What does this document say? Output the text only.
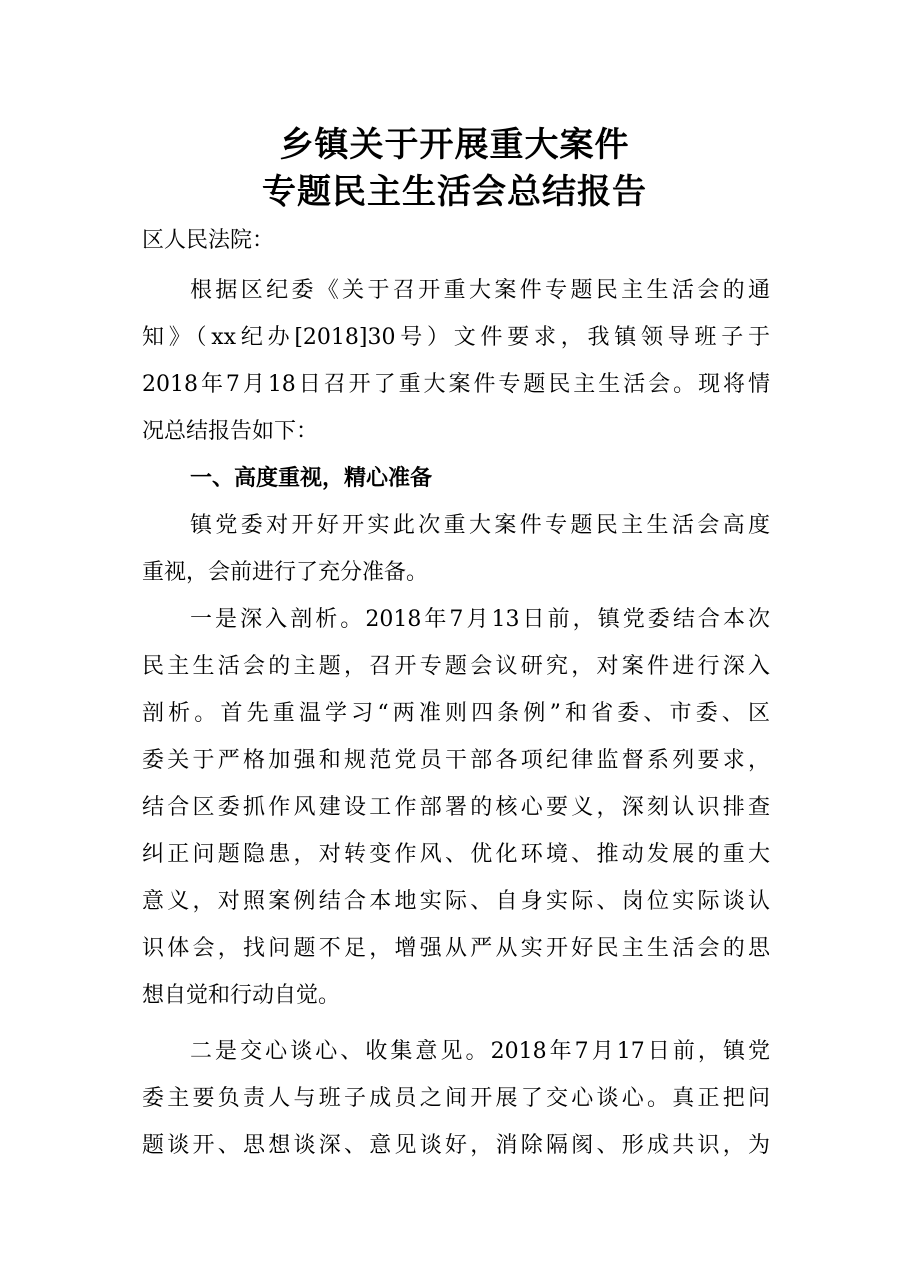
乡镇关于开展重大案件
专题民主生活会总结报告
区人民法院：
根据区纪委《关于召开重大案件专题民主生活会的通
知》（xx纪办[2018]30号）文件要求，我镇领导班子于
2018年7月18日召开了重大案件专题民主生活会。现将情
况总结报告如下：
一、高度重视，精心准备
镇党委对开好开实此次重大案件专题民主生活会高度
重视，会前进行了充分准备。
一是深入剖析。2018年7月13日前，镇党委结合本次
民主生活会的主题，召开专题会议研究，对案件进行深入
剖析。首先重温学习“两准则四条例”和省委、市委、区
委关于严格加强和规范党员干部各项纪律监督系列要求，
结合区委抓作风建设工作部署的核心要义，深刻认识排查
纠正问题隐患，对转变作风、优化环境、推动发展的重大
意义，对照案例结合本地实际、自身实际、岗位实际谈认
识体会，找问题不足，增强从严从实开好民主生活会的思
想自觉和行动自觉。
二是交心谈心、收集意见。2018年7月17日前，镇党
委主要负责人与班子成员之间开展了交心谈心。真正把问
题谈开、思想谈深、意见谈好，消除隔阂、形成共识，为
